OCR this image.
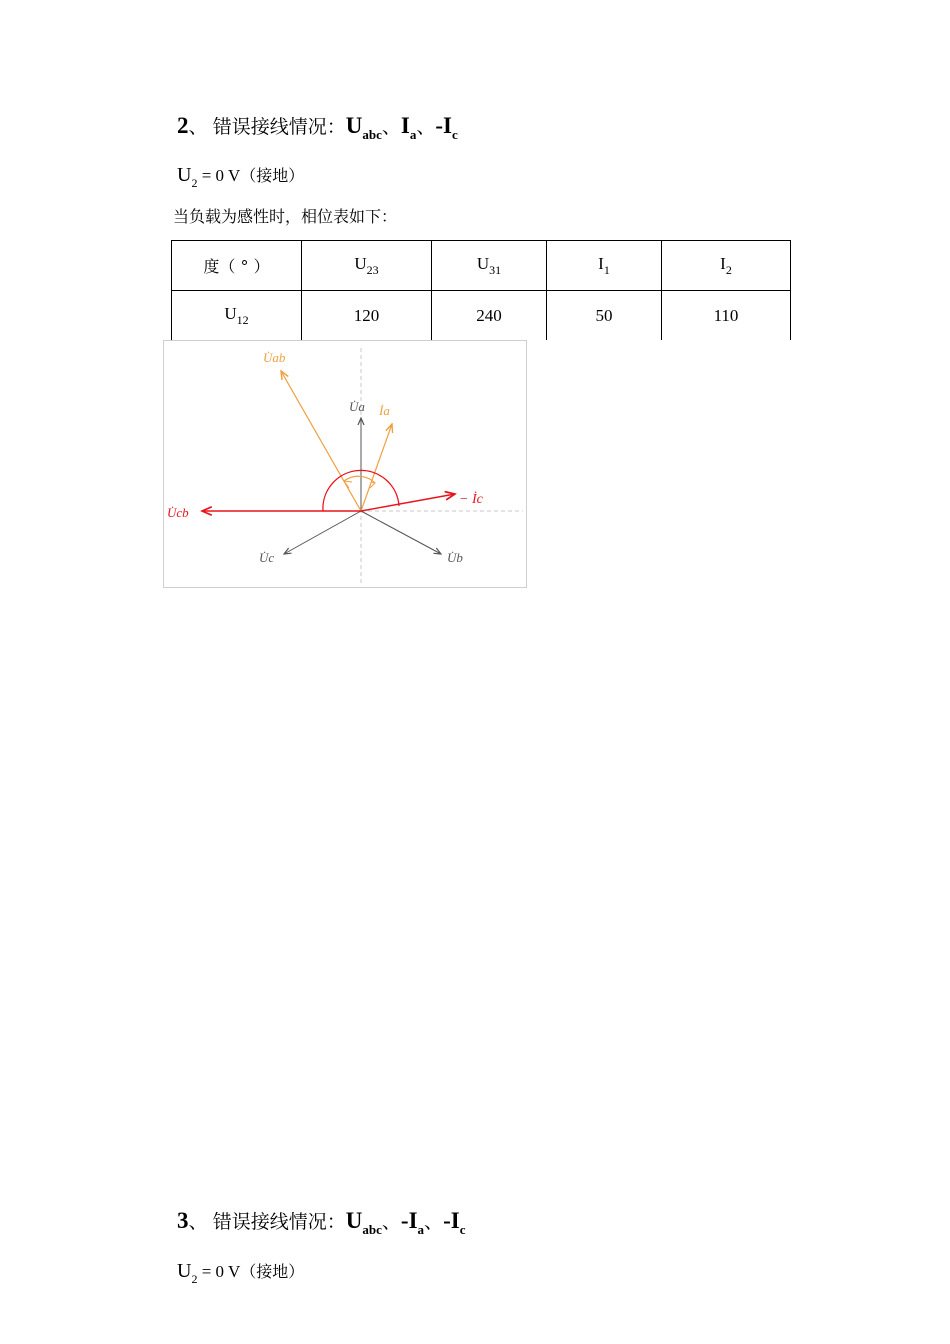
2、 错误接线情况：$U_{abc}$、$I_a$、$-I_c$
$U_2 = 0$ V（接地）
当负载为感性时，相位表如下：
度（ ° ）	$U_{23}$	$U_{31}$	$I_1$	$I_2$
$U_{12}$	120	240	50	110
U̇ab
U̇a İa
− İc
U̇cb
U̇c	U̇b
3、 错误接线情况：$U_{abc}$、$-I_a$、$-I_c$
$U_2 = 0$ V（接地）
